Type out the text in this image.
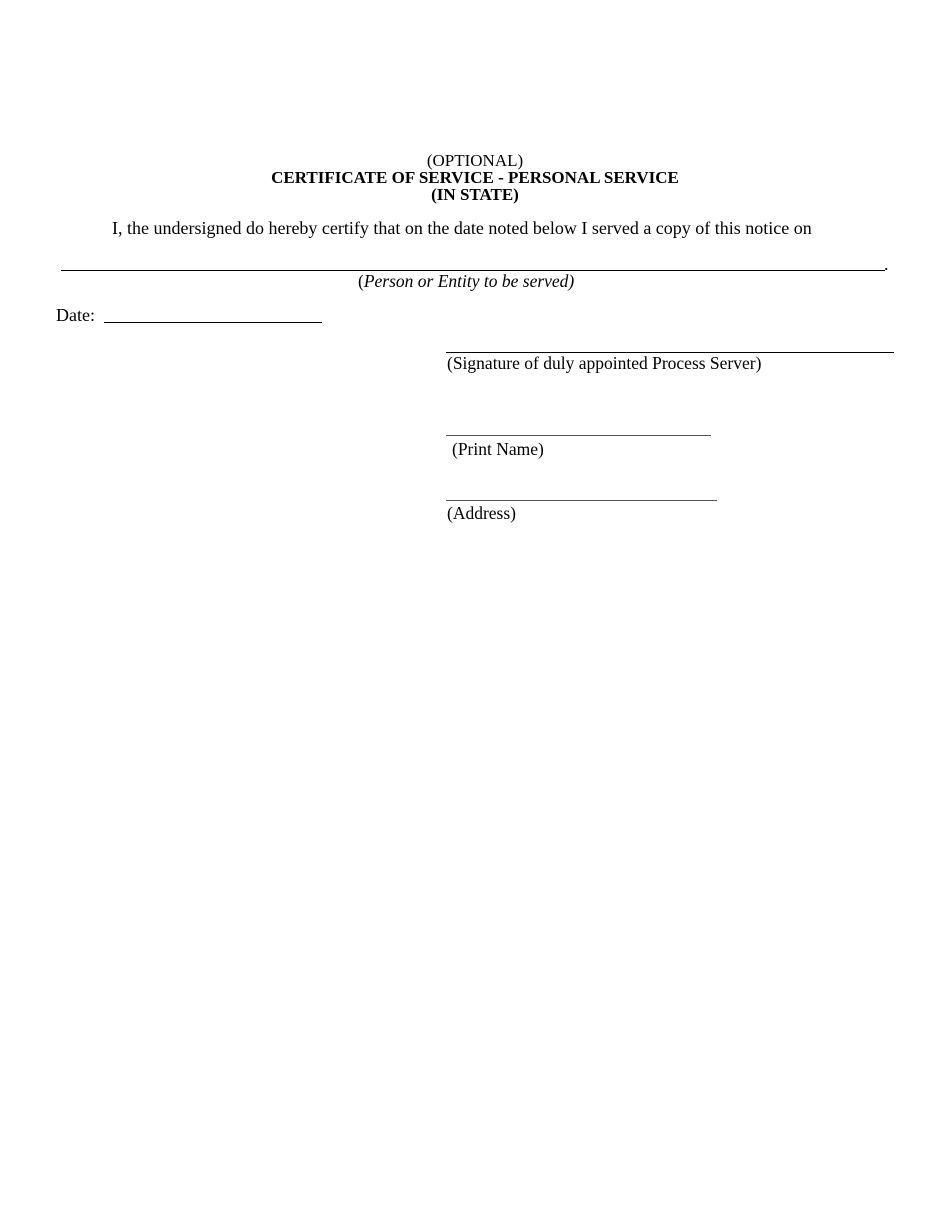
(OPTIONAL)
CERTIFICATE OF SERVICE - PERSONAL SERVICE
(IN STATE)
I, the undersigned do hereby certify that on the date noted below I served a copy of this notice on
.
(Person or Entity to be served)
Date:
(Signature of duly appointed Process Server)
(Print Name)
(Address)
